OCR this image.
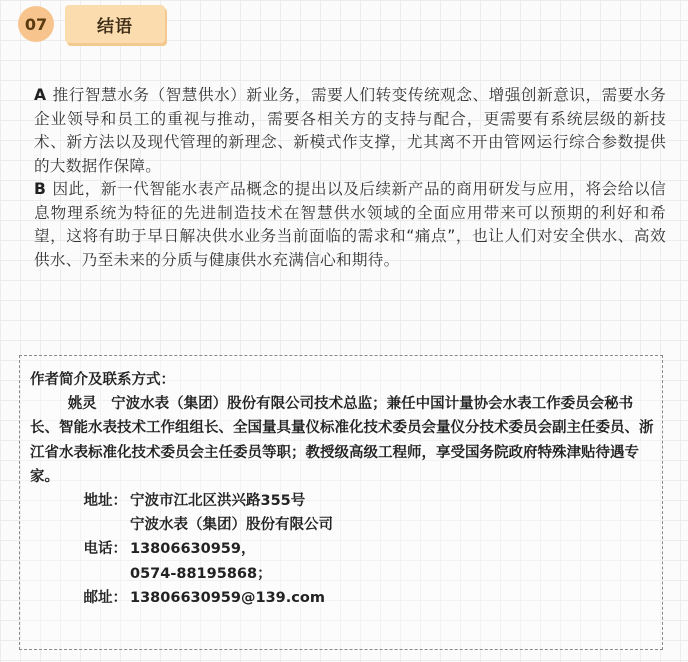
07	结语

A 推行智慧水务（智慧供水）新业务，需要人们转变传统观念、增强创新意识，需要水务企业领导和员工的重视与推动，需要各相关方的支持与配合，更需要有系统层级的新技术、新方法以及现代管理的新理念、新模式作支撑，尤其离不开由管网运行综合参数提供的大数据作保障。

B 因此，新一代智能水表产品概念的提出以及后续新产品的商用研发与应用，将会给以信息物理系统为特征的先进制造技术在智慧供水领域的全面应用带来可以预期的利好和希望，这将有助于早日解决供水业务当前面临的需求和“痛点”，也让人们对安全供水、高效供水、乃至未来的分质与健康供水充满信心和期待。

作者简介及联系方式：

姚灵　宁波水表（集团）股份有限公司技术总监；兼任中国计量协会水表工作委员会秘书长、智能水表技术工作组组长、全国量具量仪标准化技术委员会量仪分技术委员会副主任委员、浙江省水表标准化技术委员会主任委员等职；教授级高级工程师，享受国务院政府特殊津贴待遇专家。

地址： 宁波市江北区洪兴路355号
宁波水表（集团）股份有限公司
电话： 13806630959，
0574-88195868；
邮址： 13806630959@139.com
